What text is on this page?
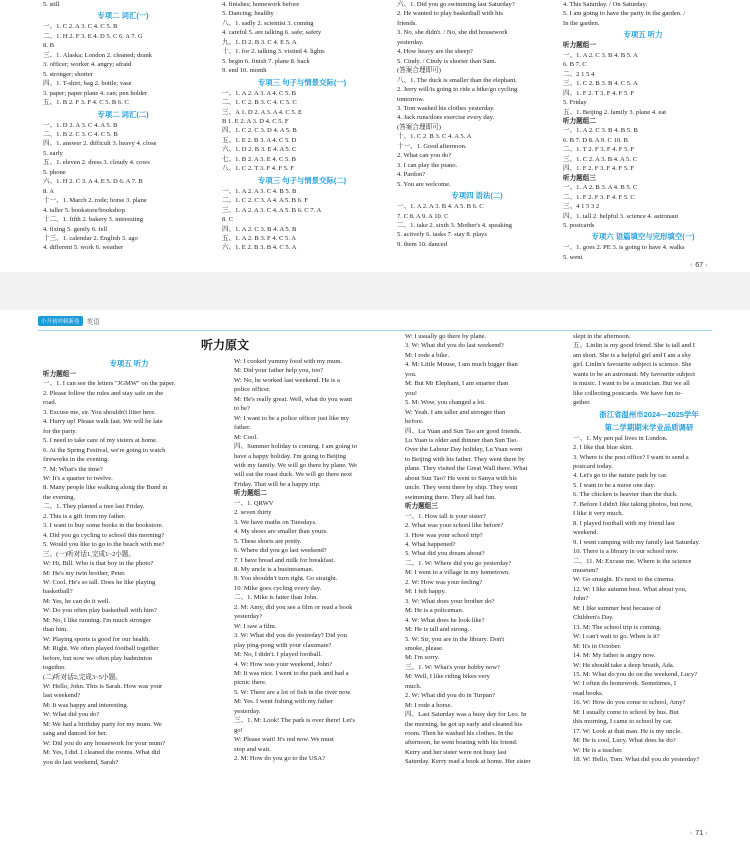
5. still
专项二 词汇(一)
一、1. C 2. A 3. C 4. C 5. B
二、1. H 2. F 3. E 4. D 5. C 6. A 7. G
8. B
三、1. Alaska; London 2. cleaned; drank
3. officer; worker 4. angry; afraid
5. stronger; shorter
四、1. T-shirt; bag 2. bottle; vase
3. paper; paper plane 4. can; pen holder
五、1. B 2. F 3. F 4. C 5. B 6. C
专项二 词汇(二)
一、1. D 2. A 3. C 4. A 5. B
二、1. B 2. C 3. C 4. C 5. B
四、1. answer 2. difficult 3. heavy 4. close
5. early
五、1. eleven 2. dress 3. cloudy 4. cows
5. phone
六、1. H 2. C 3. A 4. E 5. D 6. A 7. B
8. A
十一、1. March 2. rode; horse 3. plane
4. taller 5. bookstore/bookshop
十二、1. fifth 2. bakery 3. interesting
4. fixing 5. gently 6. fell
十三、1. calendar 2. English 3. ago
4. different 5. work 6. weather
4. finishes; homework before
5. Dancing; healthy
八、1. sadly 2. scientist 3. coming
4. careful 5. are talking 6. safe; safety
九、1. D 2. B 3. C 4. E 5. A
十、1. for 2. talking 3. visited 4. lights
5. begin 6. finish 7. plane 8. back
9. end 10. month
专项三 句子与情景交际(一)
一、1. A 2. A 3. A 4. C 5. B
二、1. C 2. B 3. C 4. C 5. C
三、A 1. D 2. A 3. A 4. C 5. E
B 1. E 2. A 3. D 4. C 5. F
四、1. C 2. C 3. D 4. A 5. B
五、1. E 2. B 3. A 4. C 5. D
六、1. D 2. B 3. E 4. A 5. C
七、1. B 2. A 3. E 4. C 5. B
八、1. C 2. T 3. F 4. F 5. F
专项三 句子与情景交际(二)
一、1. A 2. A 3. C 4. B 5. B
二、1. C 2. C 3. A 4. A 5. B 6. F
三、1. A 2. A 3. C 4. A 5. B 6. C 7. A
8. C
四、1. A 2. C 3. B 4. A 5. B
五、1. A 2. B 3. F 4. C 5. A
六、1. E 2. B 3. B 4. C 5. A
六、1. Did you go swimming last Saturday?
2. He wanted to play basketball with his
friends.
3. No, she didn't. / No, she did housework
yesterday.
4. How heavy are the sheep?
5. Cindy. / Cindy is shorter than Sam.
(答案合理即可)
八、1. The duck is smaller than the elephant.
2. Jerry will/is going to ride a bike/go cycling
tomorrow.
3. Tom washed his clothes yesterday.
4. Jack runs/does exercise every day.
(答案合理即可)
十、1. C 2. B 3. C 4. A 5. A
十一、1. Good afternoon.
2. What can you do?
3. I can play the piano.
4. Pardon?
5. You are welcome.
专项四 语法(二)
一、1. A 2. A 3. B 4. A 5. B 6. C
7. C 8. A 9. A 10. C
二、1. take 2. sixth 3. Mother's 4. speaking
5. actively 6. tasks 7. stay 8. plays
9. them 10. danced
4. This Saturday. / On Saturday.
5. I am going to have the party in the garden. /
In the garden.
专项五 听力
听力题组一
一、1. A 2. C 3. B 4. B 5. A
6. B 7. C
二、2 1 5 4
三、1. C 2. B 3. B 4. C 5. A
四、1. F 2. T 3. F 4. F 5. F
5. Friday
五、1. Beijing 2. family 3. plane 4. eat
听力题组二
一、1. A 2. C 3. B 4. B 5. B
6. B 7. D 8. A 9. C 10. B
二、1. T 2. F 3. F 4. F 5. F
三、1. C 2. A 3. B 4. A 5. C
四、1. F 2. F 3. F 4. F 5. F
听力题组三
一、1. A 2. B 3. A 4. B 5. C
二、1. F 2. F 3. F 4. F 5. C
三、4 1 5 3 2
四、1. tall 2. helpful 3. science 4. astronaut
5. postcards
专项六 语篇填空与完形填空(一)
一、1. goes 2. PE 3. is going to have 4. walks
5. went
‹ 67 ›
小升初冲刺新卷	英语
听力原文
专项五 听力
听力题组一
一、1. I can see the letters "JGMW" on the paper.
2. Please follow the rules and stay safe on the
road.
3. Excuse me, sir. You shouldn't litter here.
4. Hurry up! Please walk fast. We will be late
for the party.
5. I need to take care of my sisters at home.
6. At the Spring Festival, we're going to watch
fireworks in the evening.
7. M: What's the time?
W: It's a quarter to twelve.
8. Many people like walking along the Bund in
the evening.
二、1. They planted a tree last Friday.
2. This is a gift from my father.
3. I want to buy some books in the bookstore.
4. Did you go cycling to school this morning?
5. Would you like to go to the beach with me?
三、(一)听对话1,完成1~2小题。
W: Hi, Bill. Who is that boy in the photo?
M: He's my twin brother, Peter.
W: Cool. He's so tall. Does he like playing
basketball?
M: Yes, he can do it well.
W: Do you often play basketball with him?
M: No, I like running. I'm much stronger
than him.
W: Playing sports is good for our health.
M: Right. We often played football together
before, but now we often play badminton
together.
(二)听对话2,完成3~5小题。
W: Hello, John. This is Sarah. How was your
last weekend?
M: It was happy and interesting.
W: What did you do?
M: We had a birthday party for my mum. We
sang and danced for her.
W: Did you do any housework for your mum?
M: Yes, I did. I cleaned the rooms. What did
you do last weekend, Sarah?
W: I cooked yummy food with my mum.
M: Did your father help you, too?
W: No, he worked last weekend. He is a
police officer.
M: He's really great. Well, what do you want
to be?
W: I want to be a police officer just like my
father.
M: Cool.
四、Summer holiday is coming. I am going to
have a happy holiday. I'm going to Beijing
with my family. We will go there by plane. We
will eat the roast duck. We will go there next
Friday. That will be a happy trip.
听力题组二
一、1. QRWV
2. seven thirty
3. We have maths on Tuesdays.
4. My shoes are smaller than yours.
5. These shorts are pretty.
6. Where did you go last weekend?
7. I have bread and milk for breakfast.
8. My uncle is a businessman.
9. You shouldn't turn right. Go straight.
10. Mike goes cycling every day.
二、1. Mike is fatter than John.
2. M: Amy, did you see a film or read a book
yesterday?
W: I saw a film.
3. W: What did you do yesterday? Did you
play ping-pong with your classmate?
M: No, I didn't. I played football.
4. W: How was your weekend, John?
M: It was nice. I went to the park and had a
picnic there.
5. W: There are a lot of fish in the river now.
M: Yes. I went fishing with my father
yesterday.
三、1. M: Look! The park is over there! Let's
go!
W: Please wait! It's red now. We must
stop and wait.
2. M: How do you go to the USA?
W: I usually go there by plane.
3. W: What did you do last weekend?
M: I rode a bike.
4. M: Little Mouse, I am much bigger than
you.
M: But Mr Elephant, I am smarter than
you!
5. M: Wow, you changed a lot.
W: Yeah. I am taller and stronger than
before.
四、Lu Yuan and Sun Tao are good friends.
Lu Yuan is older and thinner than Sun Tao.
Over the Labour Day holiday, Lu Yuan went
to Beijing with his father. They went there by
plane. They visited the Great Wall there. What
about Sun Tao? He went to Sanya with his
uncle. They went there by ship. They went
swimming there. They all had fun.
听力题组三
一、1. How tall is your sister?
2. What was your school like before?
3. How was your school trip?
4. What happened?
5. What did you dream about?
二、1. W: Where did you go yesterday?
M: I went to a village in my hometown.
2. W: How was your feeling?
M: I felt happy.
3. W: What does your brother do?
M: He is a policeman.
4. W: What does he look like?
M: He is tall and strong.
5. W: Sir, you are in the library. Don't
smoke, please.
M: I'm sorry.
三、1. W: What's your hobby now?
M: Well, I like riding bikes very
much.
2. W: What did you do in Turpan?
M: I rode a horse.
四、Last Saturday was a busy day for Leo. In
the morning, he got up early and cleaned his
room. Then he washed his clothes. In the
afternoon, he went boating with his friend.
Kerry and her sister were not busy last
Saturday. Kerry read a book at home. Her sister
slept in the afternoon.
五、Linlin is my good friend. She is tall and I
am short. She is a helpful girl and I am a shy
girl. Linlin's favourite subject is science. She
wants to be an astronaut. My favourite subject
is music. I want to be a musician. But we all
like collecting postcards. We have fun to-
gether.
浙江省温州市2024—2025学年
第二学期期末学业品质调研
一、1. My pen pal lives in London.
2. I like that blue skirt.
3. Where is the post office? I want to send a
postcard today.
4. Let's go to the nature park by car.
5. I want to be a nurse one day.
6. The chicken is heavier than the duck.
7. Before I didn't like taking photos, but now,
I like it very much.
8. I played football with my friend last
weekend.
9. I went camping with my family last Saturday.
10. There is a library in our school now.
二、11. M: Excuse me. Where is the science
museum?
W: Go straight. It's next to the cinema.
12. W: I like autumn best. What about you,
John?
M: I like summer best because of
Children's Day.
13. M: The school trip is coming.
W: I can't wait to go. When is it?
M: It's in October.
14. M: My father is angry now.
W: He should take a deep breath, Ada.
15. M: What do you do on the weekend, Lucy?
W: I often do homework. Sometimes, I
read books.
16. W: How do you come to school, Amy?
M: I usually come to school by bus. But
this morning, I came to school by car.
17. W: Look at that man. He is my uncle.
M: He is cool, Lucy. What does he do?
W: He is a teacher.
18. W: Hello, Tom. What did you do yesterday?
‹ 71 ›
